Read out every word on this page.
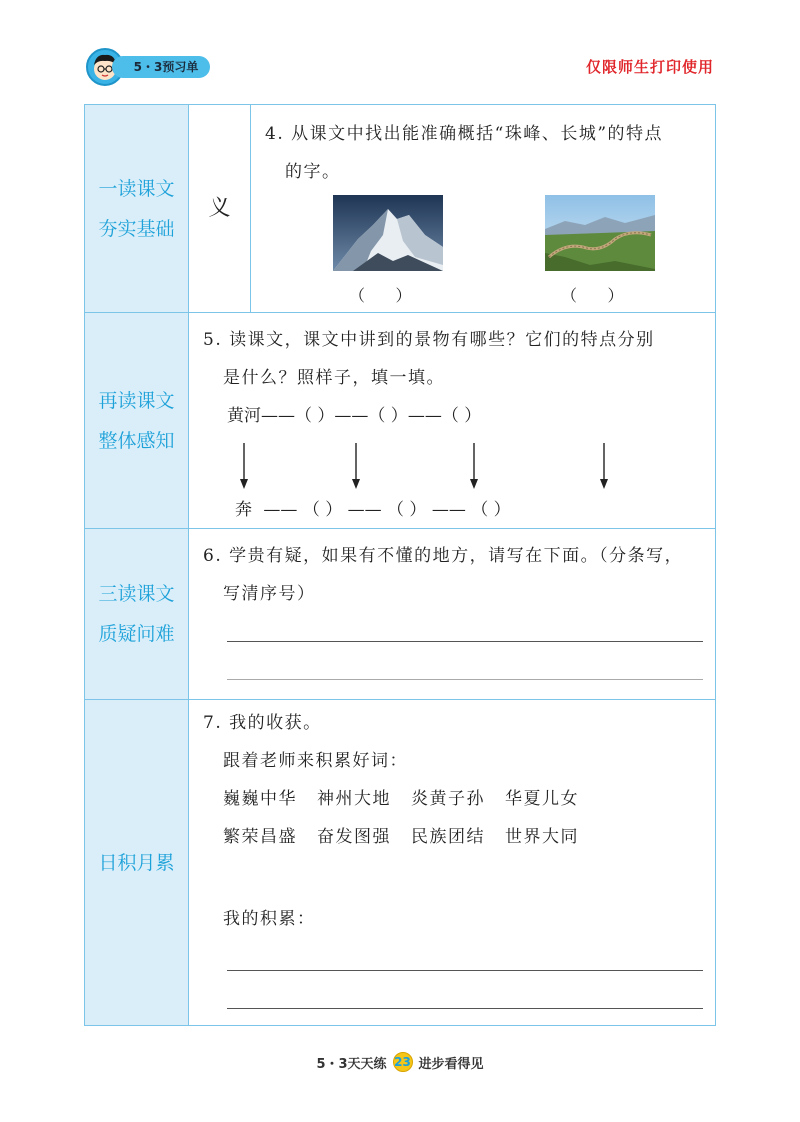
5・3预习单	仅限师生打印使用
一读课文
夯实基础
义
4. 从课文中找出能准确概括“珠峰、长城”的特点
的字。
（      ）	（      ）
再读课文
整体感知
5. 读课文，课文中讲到的景物有哪些？它们的特点分别
是什么？照样子，填一填。
黄河——（ ）——（ ）——（ ）
奔 —— （ ） —— （ ） —— （ ）
三读课文
质疑问难
6. 学贵有疑，如果有不懂的地方，请写在下面。（分条写，
写清序号）
日积月累
7. 我的收获。
跟着老师来积累好词：
巍巍中华 神州大地 炎黄子孙 华夏儿女
繁荣昌盛 奋发图强 民族团结 世界大同
我的积累：
5・3天天练 23 进步看得见
